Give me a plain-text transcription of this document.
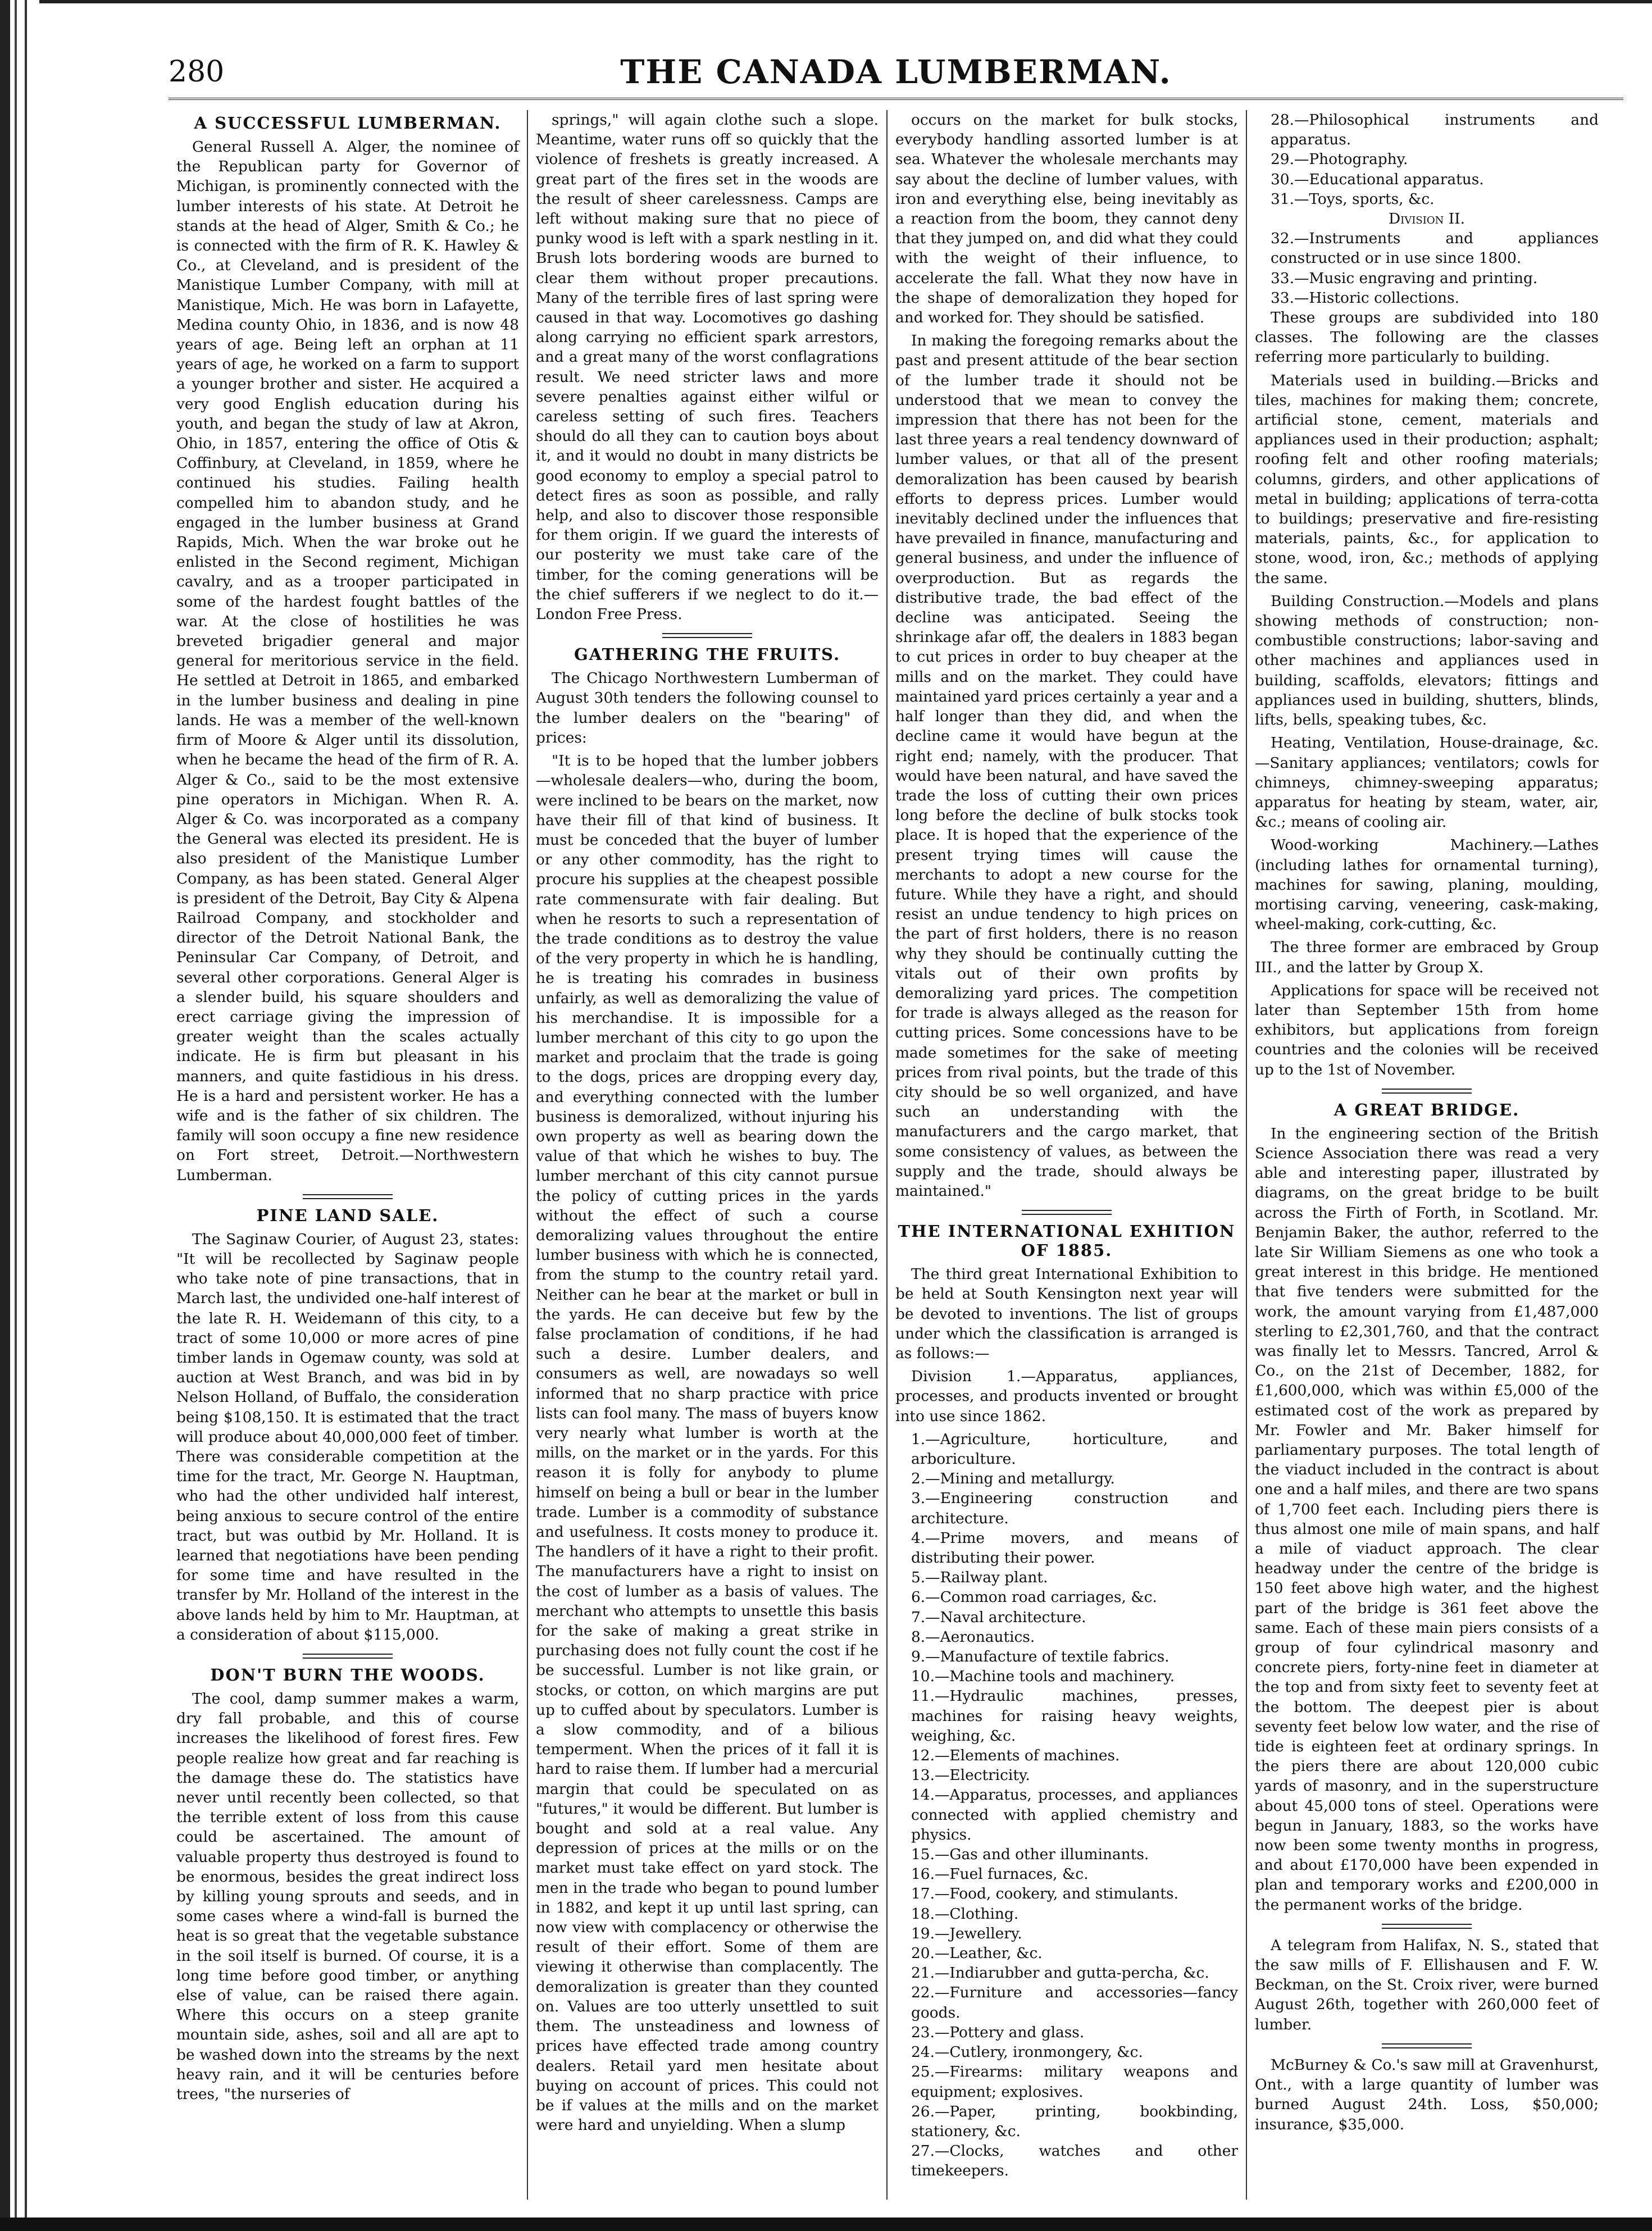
280	THE CANADA LUMBERMAN.
A SUCCESSFUL LUMBERMAN.

General Russell A. Alger, the nominee of the Republican party for Governor of Michigan, is prominently connected with the lumber interests of his state. At Detroit he stands at the head of Alger, Smith & Co.; he is connected with the firm of R. K. Hawley & Co., at Cleveland, and is president of the Manistique Lumber Company, with mill at Manistique, Mich. He was born in Lafayette, Medina county Ohio, in 1836, and is now 48 years of age. Being left an orphan at 11 years of age, he worked on a farm to support a younger brother and sister. He acquired a very good English education during his youth, and began the study of law at Akron, Ohio, in 1857, entering the office of Otis & Coffinbury, at Cleveland, in 1859, where he continued his studies. Failing health compelled him to abandon study, and he engaged in the lumber business at Grand Rapids, Mich. When the war broke out he enlisted in the Second regiment, Michigan cavalry, and as a trooper participated in some of the hardest fought battles of the war. At the close of hostilities he was breveted brigadier general and major general for meritorious service in the field. He settled at Detroit in 1865, and embarked in the lumber business and dealing in pine lands. He was a member of the well-known firm of Moore & Alger until its dissolution, when he became the head of the firm of R. A. Alger & Co., said to be the most extensive pine operators in Michigan. When R. A. Alger & Co. was incorporated as a company the General was elected its president. He is also president of the Manistique Lumber Company, as has been stated. General Alger is president of the Detroit, Bay City & Alpena Railroad Company, and stockholder and director of the Detroit National Bank, the Peninsular Car Company, of Detroit, and several other corporations. General Alger is a slender build, his square shoulders and erect carriage giving the impression of greater weight than the scales actually indicate. He is firm but pleasant in his manners, and quite fastidious in his dress. He is a hard and persistent worker. He has a wife and is the father of six children. The family will soon occupy a fine new residence on Fort street, Detroit.—Northwestern Lumberman.

PINE LAND SALE.

The Saginaw Courier, of August 23, states: "It will be recollected by Saginaw people who take note of pine transactions, that in March last, the undivided one-half interest of the late R. H. Weidemann of this city, to a tract of some 10,000 or more acres of pine timber lands in Ogemaw county, was sold at auction at West Branch, and was bid in by Nelson Holland, of Buffalo, the consideration being $108,150. It is estimated that the tract will produce about 40,000,000 feet of timber. There was considerable competition at the time for the tract, Mr. George N. Hauptman, who had the other undivided half interest, being anxious to secure control of the entire tract, but was outbid by Mr. Holland. It is learned that negotiations have been pending for some time and have resulted in the transfer by Mr. Holland of the interest in the above lands held by him to Mr. Hauptman, at a consideration of about $115,000.

DON'T BURN THE WOODS.

The cool, damp summer makes a warm, dry fall probable, and this of course increases the likelihood of forest fires. Few people realize how great and far reaching is the damage these do. The statistics have never until recently been collected, so that the terrible extent of loss from this cause could be ascertained. The amount of valuable property thus destroyed is found to be enormous, besides the great indirect loss by killing young sprouts and seeds, and in some cases where a wind-fall is burned the heat is so great that the vegetable substance in the soil itself is burned. Of course, it is a long time before good timber, or anything else of value, can be raised there again. Where this occurs on a steep granite mountain side, ashes, soil and all are apt to be washed down into the streams by the next heavy rain, and it will be centuries before trees, "the nurseries of

springs," will again clothe such a slope. Meantime, water runs off so quickly that the violence of freshets is greatly increased. A great part of the fires set in the woods are the result of sheer carelessness. Camps are left without making sure that no piece of punky wood is left with a spark nestling in it. Brush lots bordering woods are burned to clear them without proper precautions. Many of the terrible fires of last spring were caused in that way. Locomotives go dashing along carrying no efficient spark arrestors, and a great many of the worst conflagrations result. We need stricter laws and more severe penalties against either wilful or careless setting of such fires. Teachers should do all they can to caution boys about it, and it would no doubt in many districts be good economy to employ a special patrol to detect fires as soon as possible, and rally help, and also to discover those responsible for them origin. If we guard the interests of our posterity we must take care of the timber, for the coming generations will be the chief sufferers if we neglect to do it.—London Free Press.

GATHERING THE FRUITS.

The Chicago Northwestern Lumberman of August 30th tenders the following counsel to the lumber dealers on the "bearing" of prices:

"It is to be hoped that the lumber jobbers—wholesale dealers—who, during the boom, were inclined to be bears on the market, now have their fill of that kind of business. It must be conceded that the buyer of lumber or any other commodity, has the right to procure his supplies at the cheapest possible rate commensurate with fair dealing. But when he resorts to such a representation of the trade conditions as to destroy the value of the very property in which he is handling, he is treating his comrades in business unfairly, as well as demoralizing the value of his merchandise. It is impossible for a lumber merchant of this city to go upon the market and proclaim that the trade is going to the dogs, prices are dropping every day, and everything connected with the lumber business is demoralized, without injuring his own property as well as bearing down the value of that which he wishes to buy. The lumber merchant of this city cannot pursue the policy of cutting prices in the yards without the effect of such a course demoralizing values throughout the entire lumber business with which he is connected, from the stump to the country retail yard. Neither can he bear at the market or bull in the yards. He can deceive but few by the false proclamation of conditions, if he had such a desire. Lumber dealers, and consumers as well, are nowadays so well informed that no sharp practice with price lists can fool many. The mass of buyers know very nearly what lumber is worth at the mills, on the market or in the yards. For this reason it is folly for anybody to plume himself on being a bull or bear in the lumber trade. Lumber is a commodity of substance and usefulness. It costs money to produce it. The handlers of it have a right to their profit. The manufacturers have a right to insist on the cost of lumber as a basis of values. The merchant who attempts to unsettle this basis for the sake of making a great strike in purchasing does not fully count the cost if he be successful. Lumber is not like grain, or stocks, or cotton, on which margins are put up to cuffed about by speculators. Lumber is a slow commodity, and of a bilious temperment. When the prices of it fall it is hard to raise them. If lumber had a mercurial margin that could be speculated on as "futures," it would be different. But lumber is bought and sold at a real value. Any depression of prices at the mills or on the market must take effect on yard stock. The men in the trade who began to pound lumber in 1882, and kept it up until last spring, can now view with complacency or otherwise the result of their effort. Some of them are viewing it otherwise than complacently. The demoralization is greater than they counted on. Values are too utterly unsettled to suit them. The unsteadiness and lowness of prices have effected trade among country dealers. Retail yard men hesitate about buying on account of prices. This could not be if values at the mills and on the market were hard and unyielding. When a slump

occurs on the market for bulk stocks, everybody handling assorted lumber is at sea. Whatever the wholesale merchants may say about the decline of lumber values, with iron and everything else, being inevitably as a reaction from the boom, they cannot deny that they jumped on, and did what they could with the weight of their influence, to accelerate the fall. What they now have in the shape of demoralization they hoped for and worked for. They should be satisfied.

In making the foregoing remarks about the past and present attitude of the bear section of the lumber trade it should not be understood that we mean to convey the impression that there has not been for the last three years a real tendency downward of lumber values, or that all of the present demoralization has been caused by bearish efforts to depress prices. Lumber would inevitably declined under the influences that have prevailed in finance, manufacturing and general business, and under the influence of overproduction. But as regards the distributive trade, the bad effect of the decline was anticipated. Seeing the shrinkage afar off, the dealers in 1883 began to cut prices in order to buy cheaper at the mills and on the market. They could have maintained yard prices certainly a year and a half longer than they did, and when the decline came it would have begun at the right end; namely, with the producer. That would have been natural, and have saved the trade the loss of cutting their own prices long before the decline of bulk stocks took place. It is hoped that the experience of the present trying times will cause the merchants to adopt a new course for the future. While they have a right, and should resist an undue tendency to high prices on the part of first holders, there is no reason why they should be continually cutting the vitals out of their own profits by demoralizing yard prices. The competition for trade is always alleged as the reason for cutting prices. Some concessions have to be made sometimes for the sake of meeting prices from rival points, but the trade of this city should be so well organized, and have such an understanding with the manufacturers and the cargo market, that some consistency of values, as between the supply and the trade, should always be maintained."

THE INTERNATIONAL EXHITION OF 1885.

The third great International Exhibition to be held at South Kensington next year will be devoted to inventions. The list of groups under which the classification is arranged is as follows:—

Division 1.—Apparatus, appliances, processes, and products invented or brought into use since 1862.

1.—Agriculture, horticulture, and arboriculture.

2.—Mining and metallurgy.

3.—Engineering construction and architecture.

4.—Prime movers, and means of distributing their power.

5.—Railway plant.

6.—Common road carriages, &c.

7.—Naval architecture.

8.—Aeronautics.

9.—Manufacture of textile fabrics.

10.—Machine tools and machinery.

11.—Hydraulic machines, presses, machines for raising heavy weights, weighing, &c.

12.—Elements of machines.

13.—Electricity.

14.—Apparatus, processes, and appliances connected with applied chemistry and physics.

15.—Gas and other illuminants.

16.—Fuel furnaces, &c.

17.—Food, cookery, and stimulants.

18.—Clothing.

19.—Jewellery.

20.—Leather, &c.

21.—Indiarubber and gutta-percha, &c.

22.—Furniture and accessories—fancy goods.

23.—Pottery and glass.

24.—Cutlery, ironmongery, &c.

25.—Firearms: military weapons and equipment; explosives.

26.—Paper, printing, bookbinding, stationery, &c.

27.—Clocks, watches and other timekeepers.

28.—Philosophical instruments and apparatus.

29.—Photography.

30.—Educational apparatus.

31.—Toys, sports, &c.

Division II.

32.—Instruments and appliances constructed or in use since 1800.

33.—Music engraving and printing.

33.—Historic collections.

These groups are subdivided into 180 classes. The following are the classes referring more particularly to building.

Materials used in building.—Bricks and tiles, machines for making them; concrete, artificial stone, cement, materials and appliances used in their production; asphalt; roofing felt and other roofing materials; columns, girders, and other applications of metal in building; applications of terra-cotta to buildings; preservative and fire-resisting materials, paints, &c., for application to stone, wood, iron, &c.; methods of applying the same.

Building Construction.—Models and plans showing methods of construction; non-combustible constructions; labor-saving and other machines and appliances used in building, scaffolds, elevators; fittings and appliances used in building, shutters, blinds, lifts, bells, speaking tubes, &c.

Heating, Ventilation, House-drainage, &c.—Sanitary appliances; ventilators; cowls for chimneys, chimney-sweeping apparatus; apparatus for heating by steam, water, air, &c.; means of cooling air.

Wood-working Machinery.—Lathes (including lathes for ornamental turning), machines for sawing, planing, moulding, mortising carving, veneering, cask-making, wheel-making, cork-cutting, &c.

The three former are embraced by Group III., and the latter by Group X.

Applications for space will be received not later than September 15th from home exhibitors, but applications from foreign countries and the colonies will be received up to the 1st of November.

A GREAT BRIDGE.

In the engineering section of the British Science Association there was read a very able and interesting paper, illustrated by diagrams, on the great bridge to be built across the Firth of Forth, in Scotland. Mr. Benjamin Baker, the author, referred to the late Sir William Siemens as one who took a great interest in this bridge. He mentioned that five tenders were submitted for the work, the amount varying from £1,487,000 sterling to £2,301,760, and that the contract was finally let to Messrs. Tancred, Arrol & Co., on the 21st of December, 1882, for £1,600,000, which was within £5,000 of the estimated cost of the work as prepared by Mr. Fowler and Mr. Baker himself for parliamentary purposes. The total length of the viaduct included in the contract is about one and a half miles, and there are two spans of 1,700 feet each. Including piers there is thus almost one mile of main spans, and half a mile of viaduct approach. The clear headway under the centre of the bridge is 150 feet above high water, and the highest part of the bridge is 361 feet above the same. Each of these main piers consists of a group of four cylindrical masonry and concrete piers, forty-nine feet in diameter at the top and from sixty feet to seventy feet at the bottom. The deepest pier is about seventy feet below low water, and the rise of tide is eighteen feet at ordinary springs. In the piers there are about 120,000 cubic yards of masonry, and in the superstructure about 45,000 tons of steel. Operations were begun in January, 1883, so the works have now been some twenty months in progress, and about £170,000 have been expended in plan and temporary works and £200,000 in the permanent works of the bridge.

A telegram from Halifax, N. S., stated that the saw mills of F. Ellishausen and F. W. Beckman, on the St. Croix river, were burned August 26th, together with 260,000 feet of lumber.

McBurney & Co.'s saw mill at Gravenhurst, Ont., with a large quantity of lumber was burned August 24th. Loss, $50,000; insurance, $35,000.
